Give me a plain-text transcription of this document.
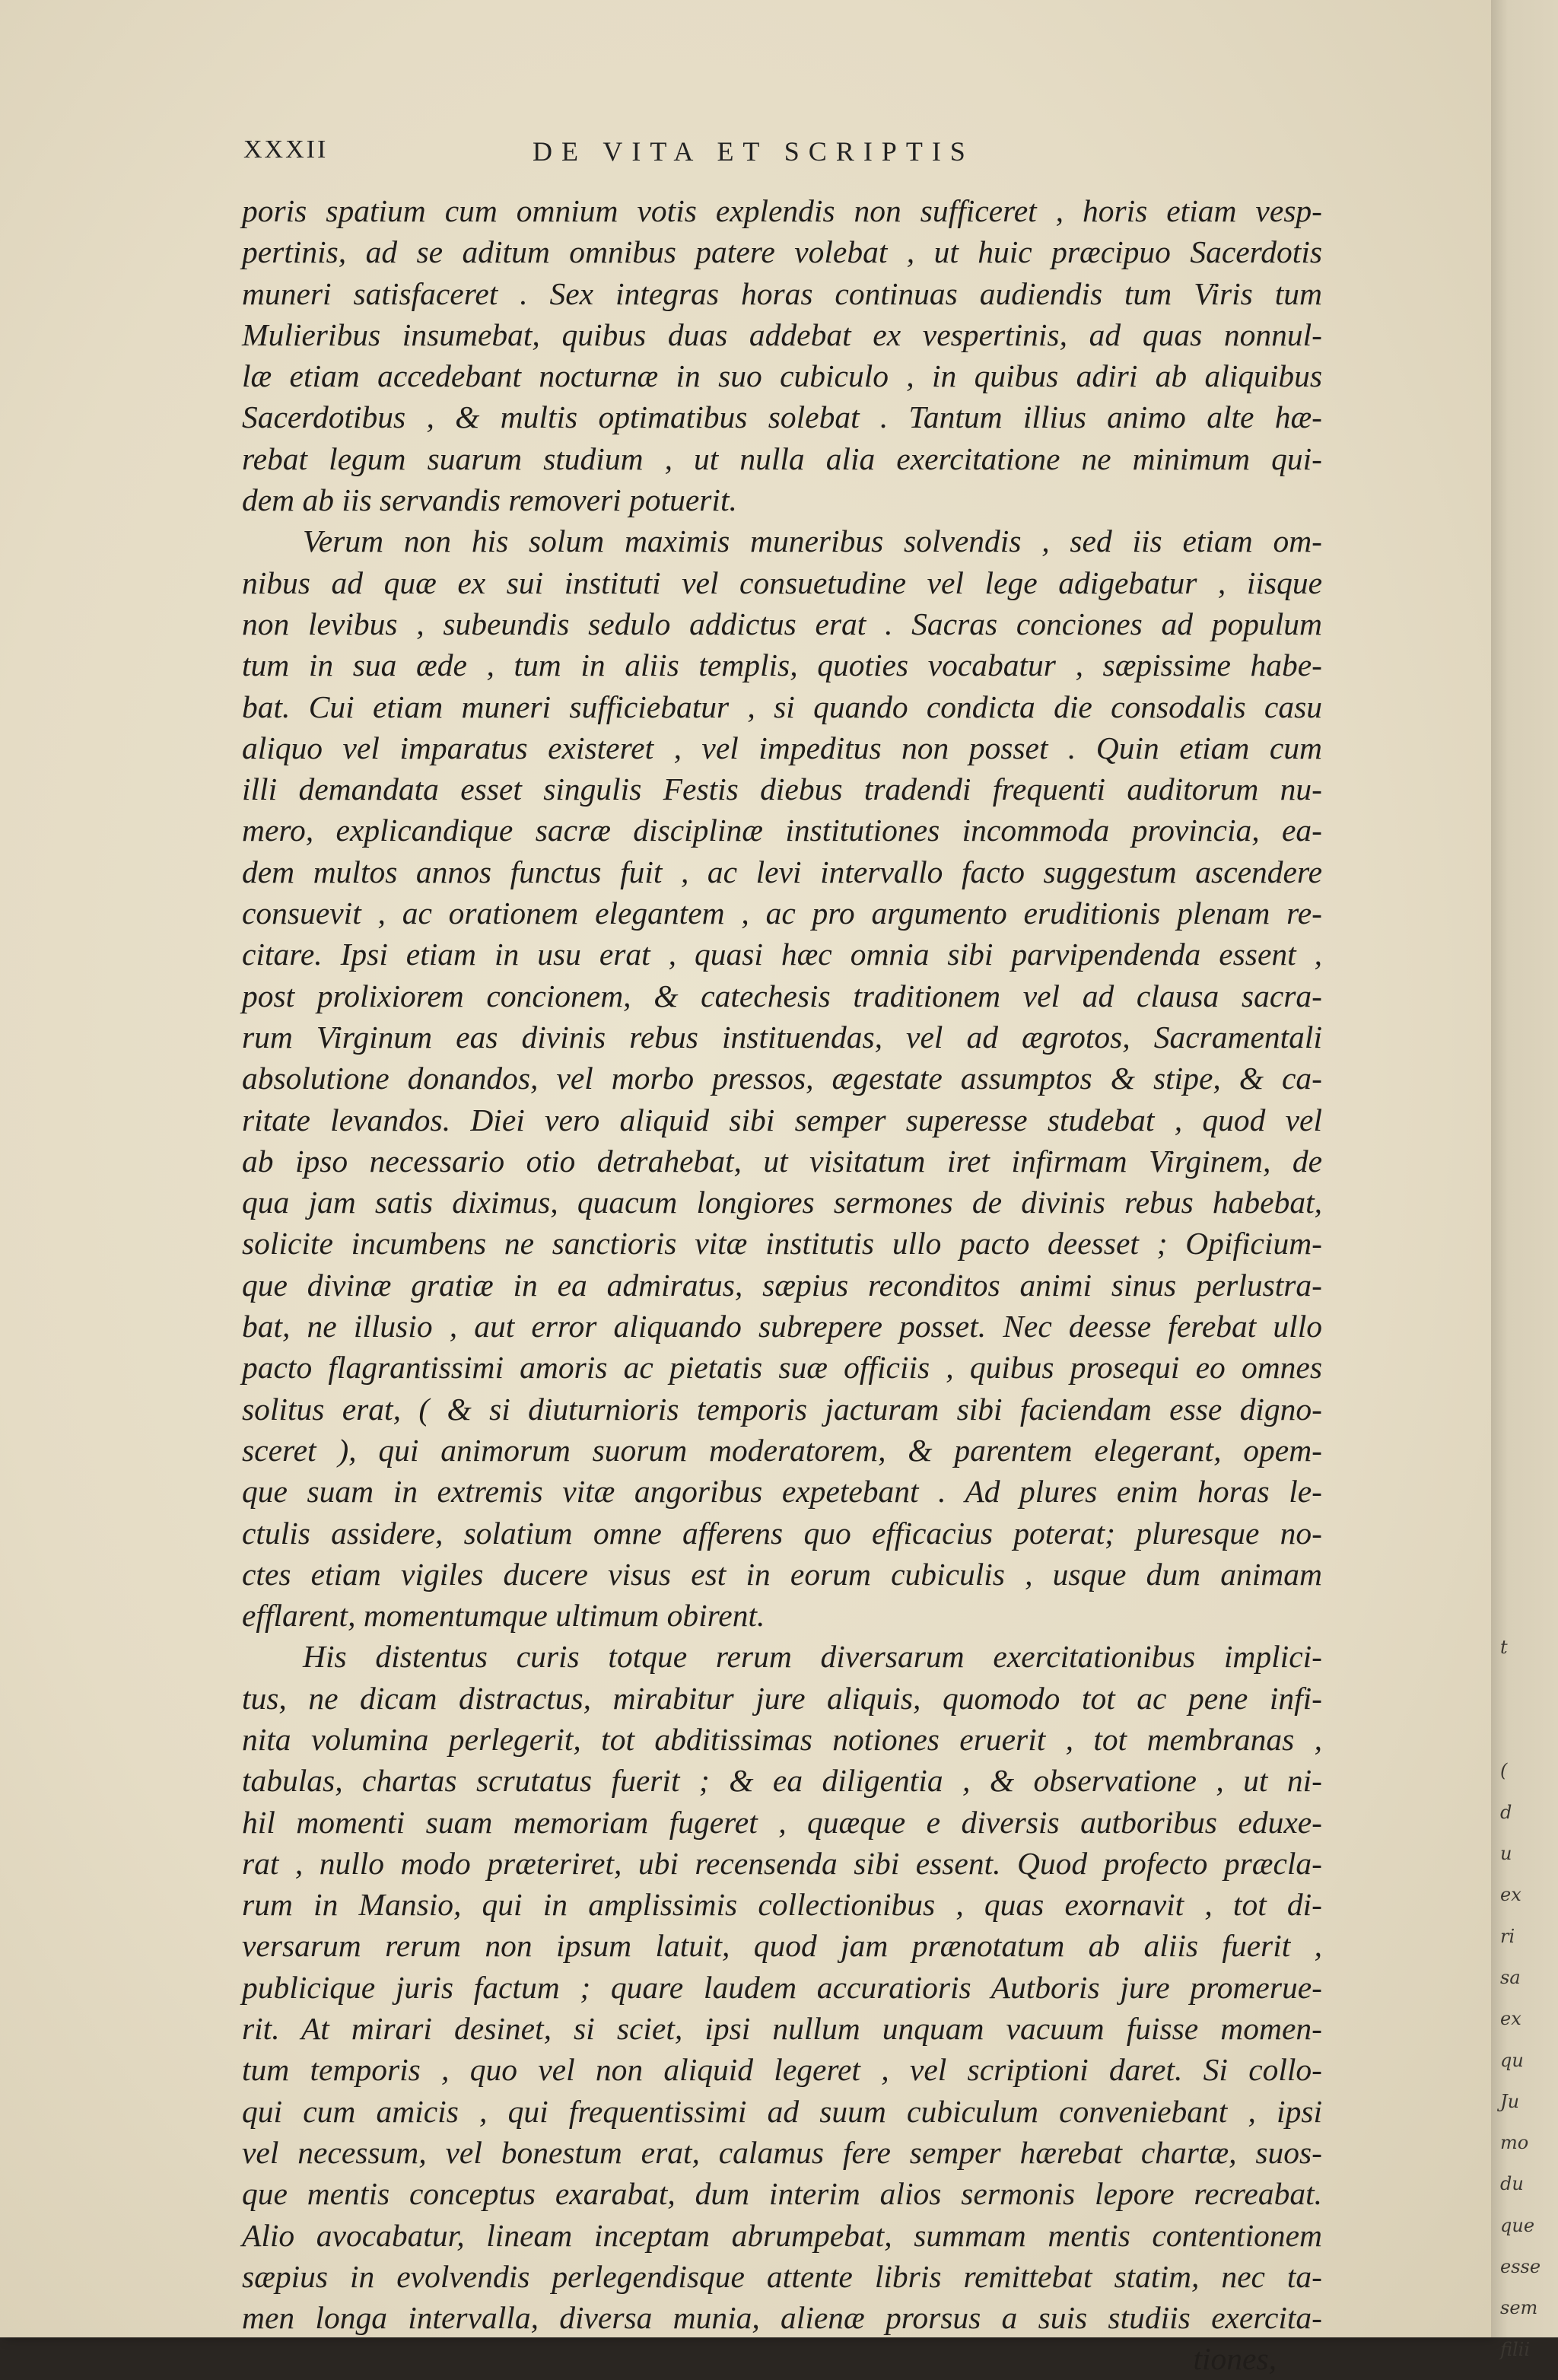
XXXII	DE VITA ET SCRIPTIS
poris spatium cum omnium votis explendis non sufficeret , horis etiam vesp-
pertinis, ad se aditum omnibus patere volebat , ut huic præcipuo Sacerdotis
muneri satisfaceret . Sex integras horas continuas audiendis tum Viris tum
Mulieribus insumebat, quibus duas addebat ex vespertinis, ad quas nonnul-
læ etiam accedebant nocturnæ in suo cubiculo , in quibus adiri ab aliquibus
Sacerdotibus , & multis optimatibus solebat . Tantum illius animo alte hæ-
rebat legum suarum studium , ut nulla alia exercitatione ne minimum qui-
dem ab iis servandis removeri potuerit.
Verum non his solum maximis muneribus solvendis , sed iis etiam om-
nibus ad quæ ex sui instituti vel consuetudine vel lege adigebatur , iisque
non levibus , subeundis sedulo addictus erat . Sacras conciones ad populum
tum in sua æde , tum in aliis templis, quoties vocabatur , sæpissime habe-
bat. Cui etiam muneri sufficiebatur , si quando condicta die consodalis casu
aliquo vel imparatus existeret , vel impeditus non posset . Quin etiam cum
illi demandata esset singulis Festis diebus tradendi frequenti auditorum nu-
mero, explicandique sacræ disciplinæ institutiones incommoda provincia, ea-
dem multos annos functus fuit , ac levi intervallo facto suggestum ascendere
consuevit , ac orationem elegantem , ac pro argumento eruditionis plenam re-
citare. Ipsi etiam in usu erat , quasi hæc omnia sibi parvipendenda essent ,
post prolixiorem concionem, & catechesis traditionem vel ad clausa sacra-
rum Virginum eas divinis rebus instituendas, vel ad ægrotos, Sacramentali
absolutione donandos, vel morbo pressos, ægestate assumptos & stipe, & ca-
ritate levandos. Diei vero aliquid sibi semper superesse studebat , quod vel
ab ipso necessario otio detrahebat, ut visitatum iret infirmam Virginem, de
qua jam satis diximus, quacum longiores sermones de divinis rebus habebat,
solicite incumbens ne sanctioris vitæ institutis ullo pacto deesset ; Opificium-
que divinæ gratiæ in ea admiratus, sæpius reconditos animi sinus perlustra-
bat, ne illusio , aut error aliquando subrepere posset. Nec deesse ferebat ullo
pacto flagrantissimi amoris ac pietatis suæ officiis , quibus prosequi eo omnes
solitus erat, ( & si diuturnioris temporis jacturam sibi faciendam esse digno-
sceret ), qui animorum suorum moderatorem, & parentem elegerant, opem-
que suam in extremis vitæ angoribus expetebant . Ad plures enim horas le-
ctulis assidere, solatium omne afferens quo efficacius poterat; pluresque no-
ctes etiam vigiles ducere visus est in eorum cubiculis , usque dum animam
efflarent, momentumque ultimum obirent.
His distentus curis totque rerum diversarum exercitationibus implici-
tus, ne dicam distractus, mirabitur jure aliquis, quomodo tot ac pene infi-
nita volumina perlegerit, tot abditissimas notiones eruerit , tot membranas ,
tabulas, chartas scrutatus fuerit ; & ea diligentia , & observatione , ut ni-
hil momenti suam memoriam fugeret , quæque e diversis autboribus eduxe-
rat , nullo modo præteriret, ubi recensenda sibi essent. Quod profecto præcla-
rum in Mansio, qui in amplissimis collectionibus , quas exornavit , tot di-
versarum rerum non ipsum latuit, quod jam prænotatum ab aliis fuerit ,
publicique juris factum ; quare laudem accuratioris Autboris jure promerue-
rit. At mirari desinet, si sciet, ipsi nullum unquam vacuum fuisse momen-
tum temporis , quo vel non aliquid legeret , vel scriptioni daret. Si collo-
qui cum amicis , qui frequentissimi ad suum cubiculum conveniebant , ipsi
vel necessum, vel bonestum erat, calamus fere semper hærebat chartæ, suos-
que mentis conceptus exarabat, dum interim alios sermonis lepore recreabat.
Alio avocabatur, lineam inceptam abrumpebat, summam mentis contentionem
sæpius in evolvendis perlegendisque attente libris remittebat statim, nec ta-
men longa intervalla, diversa munia, alienæ prorsus a suis studiis exercita-
tiones,
t
(
d
u
ex
ri
sa
ex
qu
Ju
mo
du
que
esse
sem
filii
